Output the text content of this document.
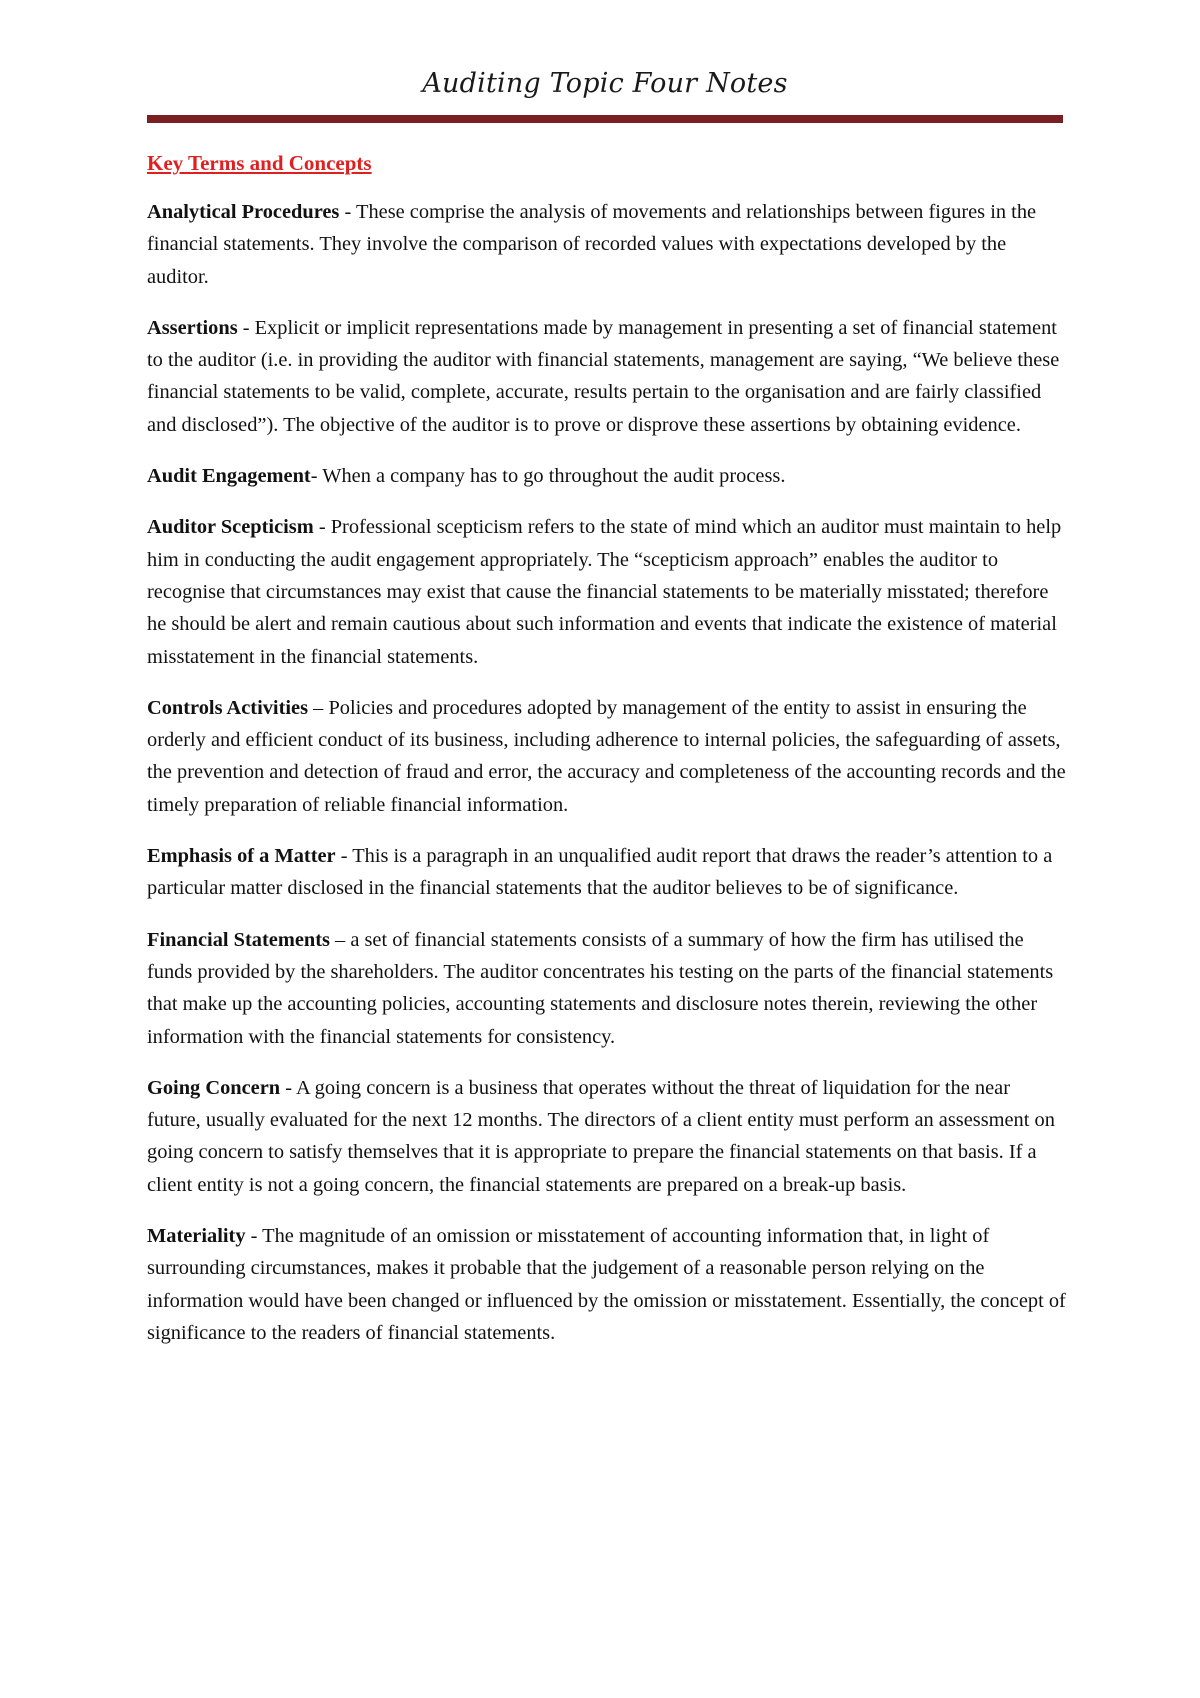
Auditing Topic Four Notes
Key Terms and Concepts

Analytical Procedures - These comprise the analysis of movements and relationships between figures in the financial statements. They involve the comparison of recorded values with expectations developed by the auditor.

Assertions - Explicit or implicit representations made by management in presenting a set of financial statement to the auditor (i.e. in providing the auditor with financial statements, management are saying, “We believe these financial statements to be valid, complete, accurate, results pertain to the organisation and are fairly classified and disclosed”). The objective of the auditor is to prove or disprove these assertions by obtaining evidence.

Audit Engagement- When a company has to go throughout the audit process.

Auditor Scepticism - Professional scepticism refers to the state of mind which an auditor must maintain to help him in conducting the audit engagement appropriately. The “scepticism approach” enables the auditor to recognise that circumstances may exist that cause the financial statements to be materially misstated; therefore he should be alert and remain cautious about such information and events that indicate the existence of material misstatement in the financial statements.

Controls Activities – Policies and procedures adopted by management of the entity to assist in ensuring the orderly and efficient conduct of its business, including adherence to internal policies, the safeguarding of assets, the prevention and detection of fraud and error, the accuracy and completeness of the accounting records and the timely preparation of reliable financial information.

Emphasis of a Matter - This is a paragraph in an unqualified audit report that draws the reader’s attention to a particular matter disclosed in the financial statements that the auditor believes to be of significance.

Financial Statements – a set of financial statements consists of a summary of how the firm has utilised the funds provided by the shareholders. The auditor concentrates his testing on the parts of the financial statements that make up the accounting policies, accounting statements and disclosure notes therein, reviewing the other information with the financial statements for consistency.

Going Concern - A going concern is a business that operates without the threat of liquidation for the near future, usually evaluated for the next 12 months. The directors of a client entity must perform an assessment on going concern to satisfy themselves that it is appropriate to prepare the financial statements on that basis. If a client entity is not a going concern, the financial statements are prepared on a break-up basis.

Materiality - The magnitude of an omission or misstatement of accounting information that, in light of surrounding circumstances, makes it probable that the judgement of a reasonable person relying on the information would have been changed or influenced by the omission or misstatement. Essentially, the concept of significance to the readers of financial statements.
